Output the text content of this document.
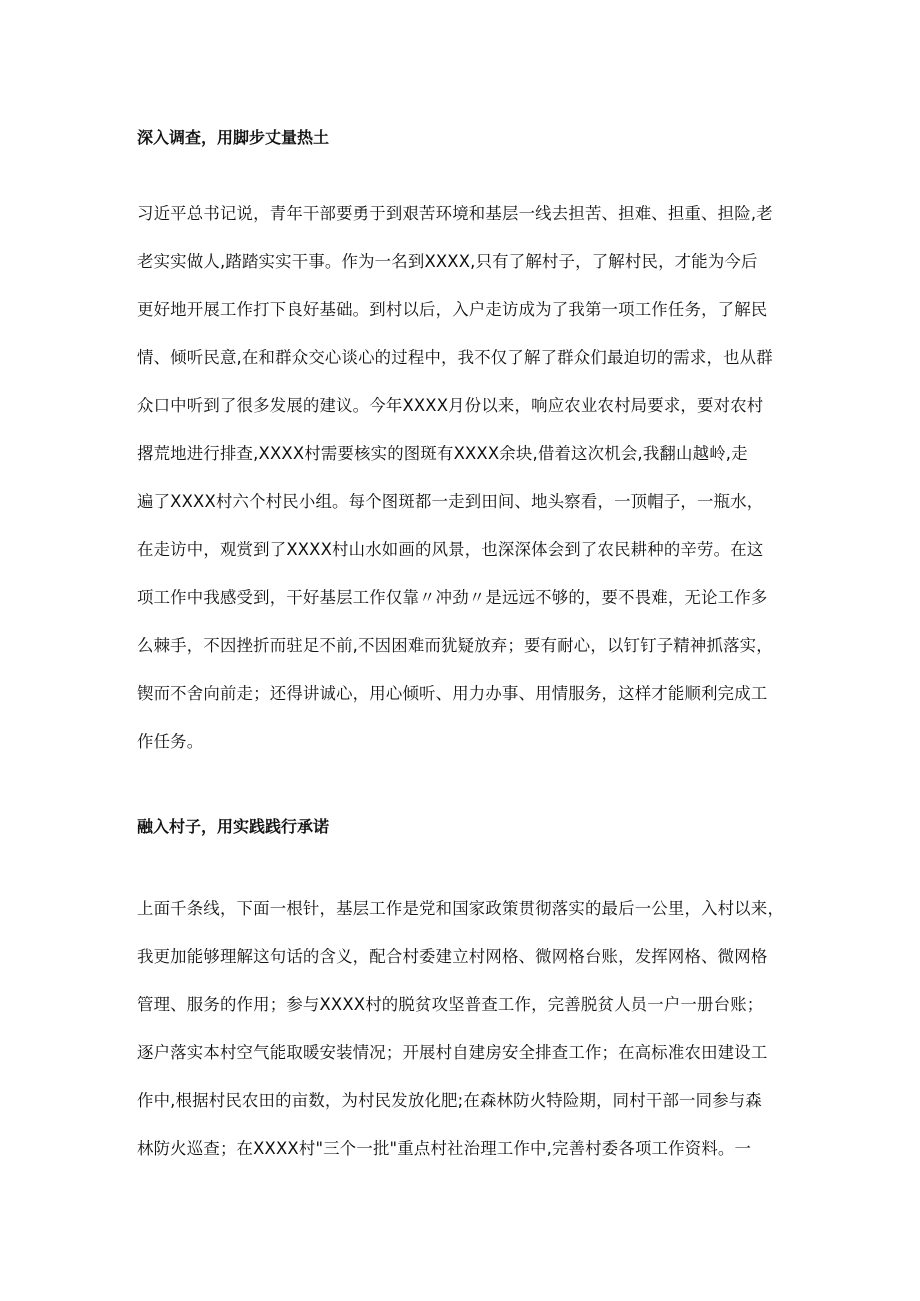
深入调查，用脚步丈量热土
习近平总书记说，青年干部要勇于到艰苦环境和基层一线去担苦、担难、担重、担险,老
老实实做人,踏踏实实干事。作为一名到XXXX,只有了解村子，了解村民，才能为今后
更好地开展工作打下良好基础。到村以后，入户走访成为了我第一项工作任务，了解民
情、倾听民意,在和群众交心谈心的过程中，我不仅了解了群众们最迫切的需求，也从群
众口中听到了很多发展的建议。今年XXXX月份以来，响应农业农村局要求，要对农村
撂荒地进行排查,XXXX村需要核实的图斑有XXXX余块,借着这次机会,我翻山越岭,走
遍了XXXX村六个村民小组。每个图斑都一走到田间、地头察看，一顶帽子，一瓶水，
在走访中，观赏到了XXXX村山水如画的风景，也深深体会到了农民耕种的辛劳。在这
项工作中我感受到，干好基层工作仅靠〃冲劲〃是远远不够的，要不畏难，无论工作多
么棘手，不因挫折而驻足不前,不因困难而犹疑放弃；要有耐心，以钉钉子精神抓落实，
锲而不舍向前走；还得讲诚心，用心倾听、用力办事、用情服务，这样才能顺利完成工
作任务。
融入村子，用实践践行承诺
上面千条线，下面一根针，基层工作是党和国家政策贯彻落实的最后一公里，入村以来，
我更加能够理解这句话的含义，配合村委建立村网格、微网格台账，发挥网格、微网格
管理、服务的作用；参与XXXX村的脱贫攻坚普查工作，完善脱贫人员一户一册台账；
逐户落实本村空气能取暖安装情况；开展村自建房安全排查工作；在高标准农田建设工
作中,根据村民农田的亩数，为村民发放化肥;在森林防火特险期，同村干部一同参与森
林防火巡查；在XXXX村"三个一批"重点村社治理工作中,完善村委各项工作资料。一
